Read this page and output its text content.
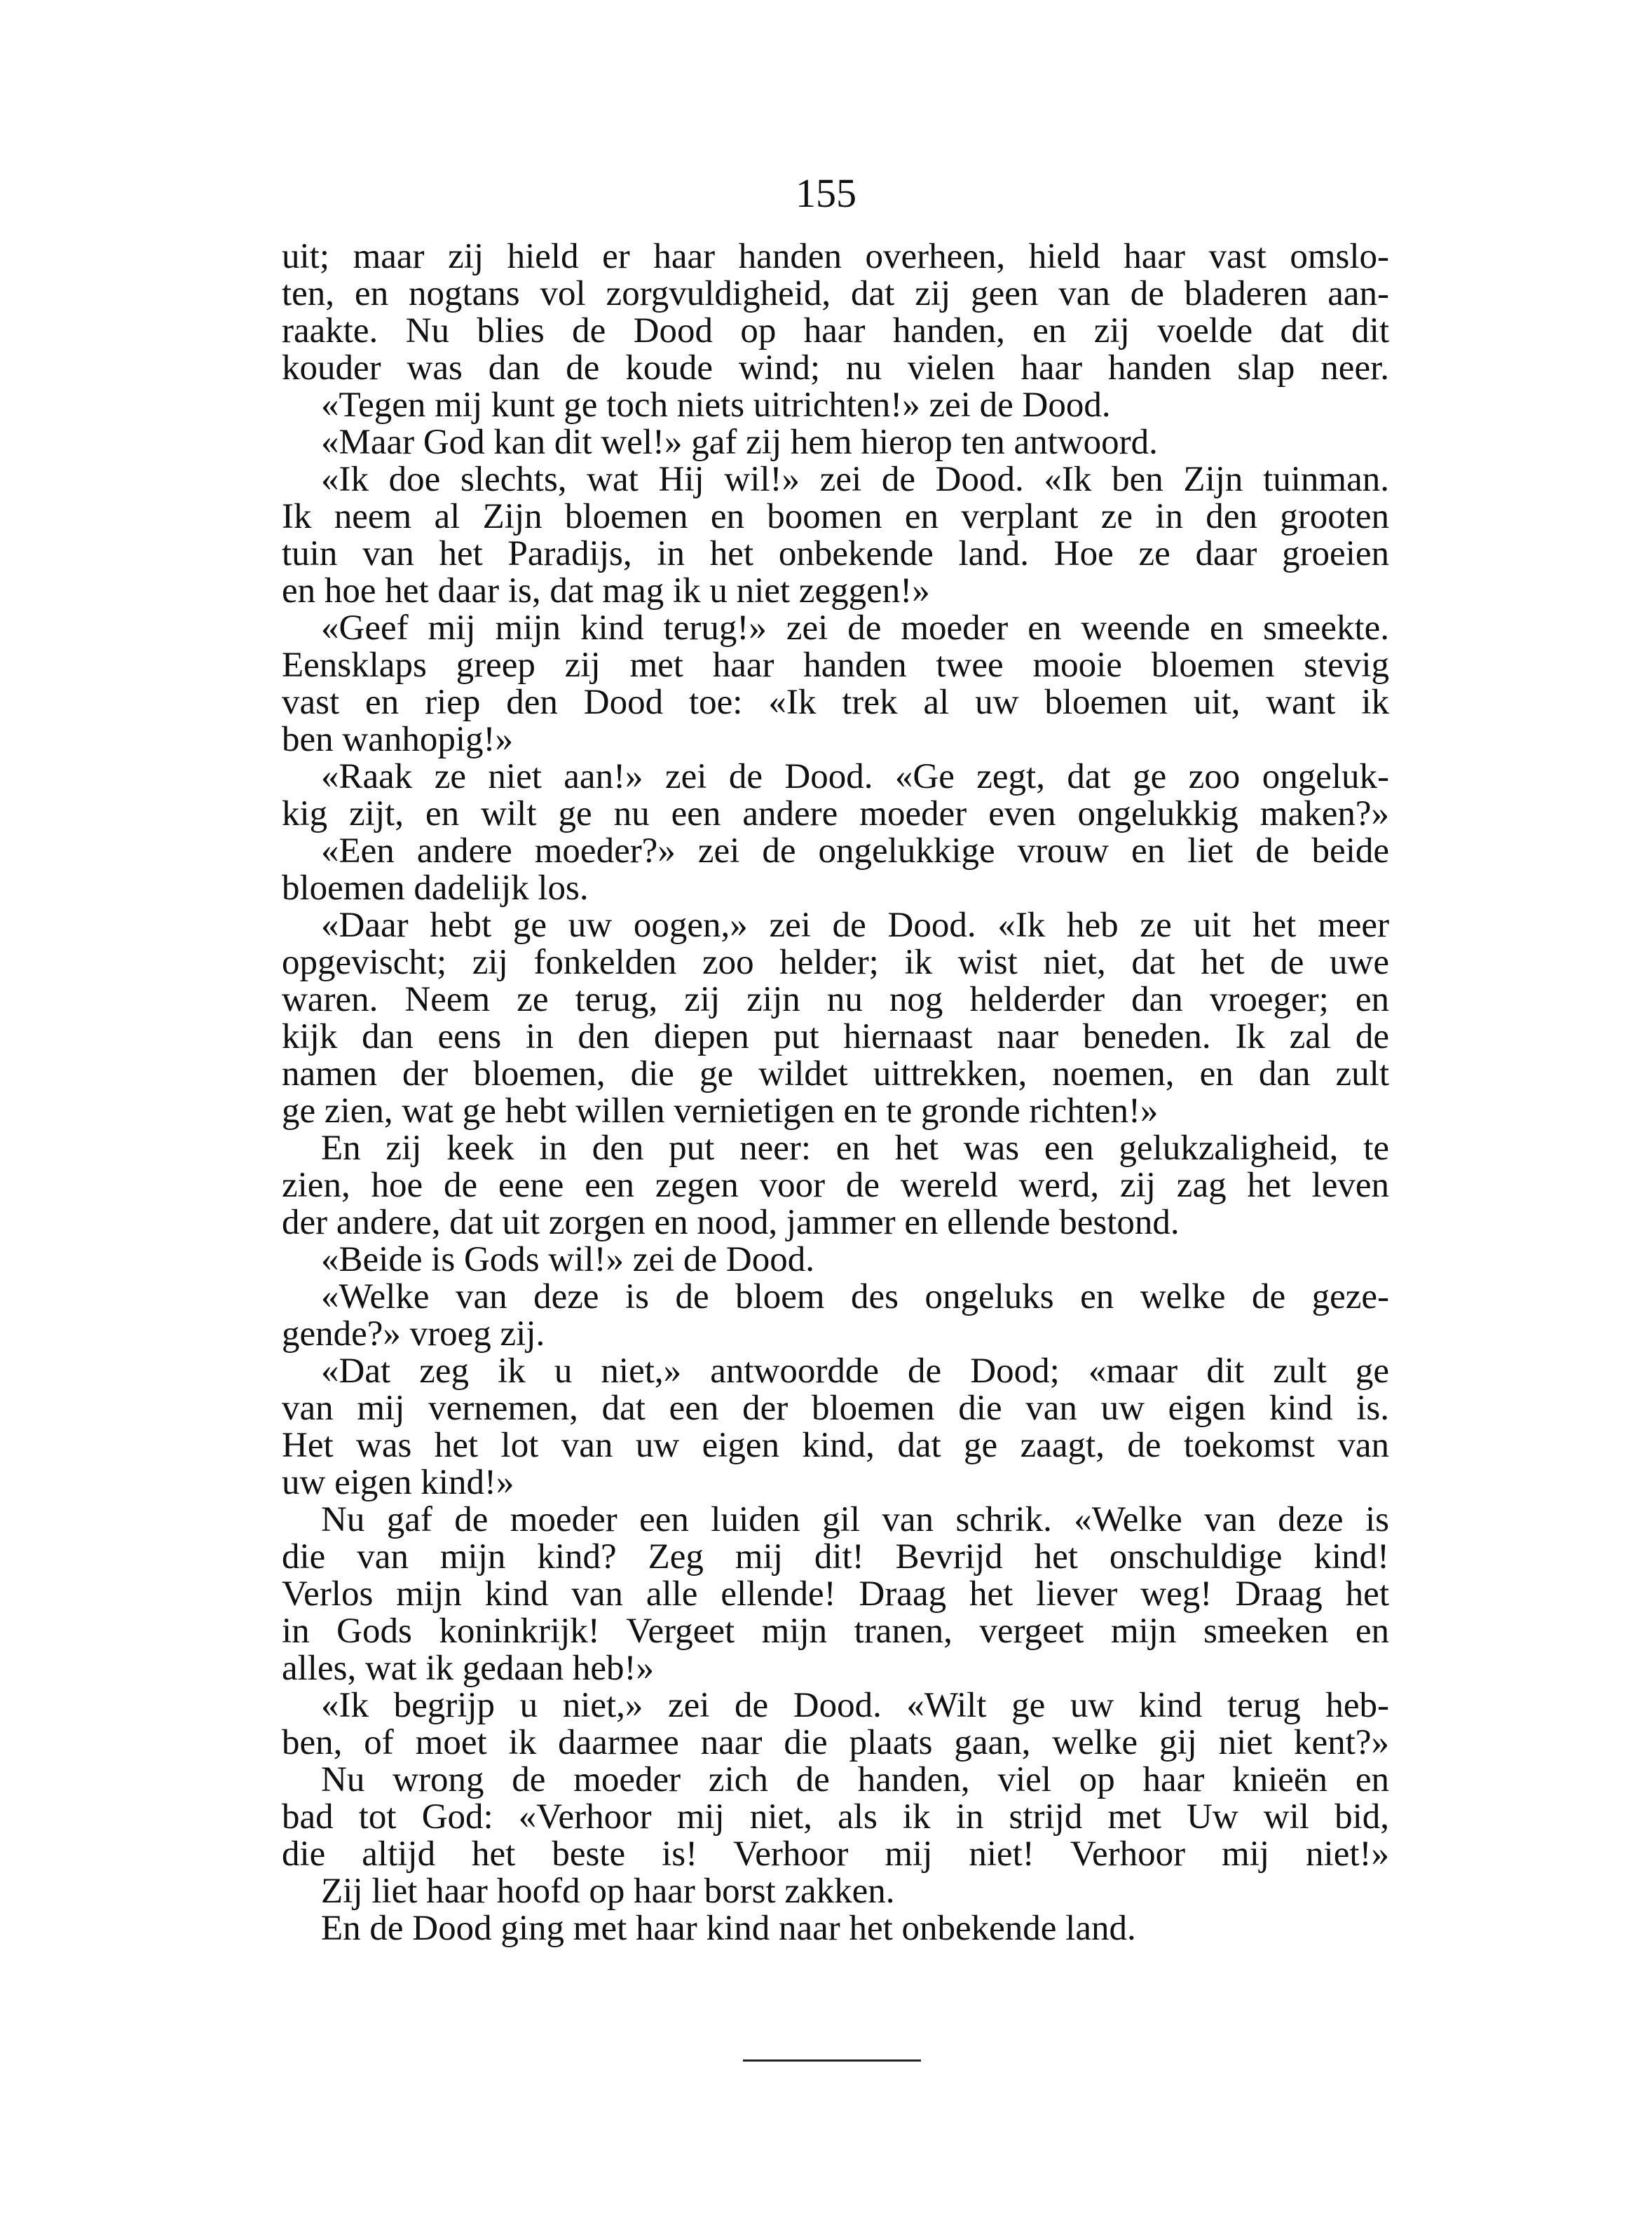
155
uit; maar zij hield er haar handen overheen, hield haar vast omslo-
ten, en nogtans vol zorgvuldigheid, dat zij geen van de bladeren aan-
raakte. Nu blies de Dood op haar handen, en zij voelde dat dit
kouder was dan de koude wind; nu vielen haar handen slap neer.
«Tegen mij kunt ge toch niets uitrichten!» zei de Dood.
«Maar God kan dit wel!» gaf zij hem hierop ten antwoord.
«Ik doe slechts, wat Hij wil!» zei de Dood. «Ik ben Zijn tuinman.
Ik neem al Zijn bloemen en boomen en verplant ze in den grooten
tuin van het Paradijs, in het onbekende land. Hoe ze daar groeien
en hoe het daar is, dat mag ik u niet zeggen!»
«Geef mij mijn kind terug!» zei de moeder en weende en smeekte.
Eensklaps greep zij met haar handen twee mooie bloemen stevig
vast en riep den Dood toe: «Ik trek al uw bloemen uit, want ik
ben wanhopig!»
«Raak ze niet aan!» zei de Dood. «Ge zegt, dat ge zoo ongeluk-
kig zijt, en wilt ge nu een andere moeder even ongelukkig maken?»
«Een andere moeder?» zei de ongelukkige vrouw en liet de beide
bloemen dadelijk los.
«Daar hebt ge uw oogen,» zei de Dood. «Ik heb ze uit het meer
opgevischt; zij fonkelden zoo helder; ik wist niet, dat het de uwe
waren. Neem ze terug, zij zijn nu nog helderder dan vroeger; en
kijk dan eens in den diepen put hiernaast naar beneden. Ik zal de
namen der bloemen, die ge wildet uittrekken, noemen, en dan zult
ge zien, wat ge hebt willen vernietigen en te gronde richten!»
En zij keek in den put neer: en het was een gelukzaligheid, te
zien, hoe de eene een zegen voor de wereld werd, zij zag het leven
der andere, dat uit zorgen en nood, jammer en ellende bestond.
«Beide is Gods wil!» zei de Dood.
«Welke van deze is de bloem des ongeluks en welke de geze-
gende?» vroeg zij.
«Dat zeg ik u niet,» antwoordde de Dood; «maar dit zult ge
van mij vernemen, dat een der bloemen die van uw eigen kind is.
Het was het lot van uw eigen kind, dat ge zaagt, de toekomst van
uw eigen kind!»
Nu gaf de moeder een luiden gil van schrik. «Welke van deze is
die van mijn kind? Zeg mij dit! Bevrijd het onschuldige kind!
Verlos mijn kind van alle ellende! Draag het liever weg! Draag het
in Gods koninkrijk! Vergeet mijn tranen, vergeet mijn smeeken en
alles, wat ik gedaan heb!»
«Ik begrijp u niet,» zei de Dood. «Wilt ge uw kind terug heb-
ben, of moet ik daarmee naar die plaats gaan, welke gij niet kent?»
Nu wrong de moeder zich de handen, viel op haar knieën en
bad tot God: «Verhoor mij niet, als ik in strijd met Uw wil bid,
die altijd het beste is! Verhoor mij niet! Verhoor mij niet!»
Zij liet haar hoofd op haar borst zakken.
En de Dood ging met haar kind naar het onbekende land.
